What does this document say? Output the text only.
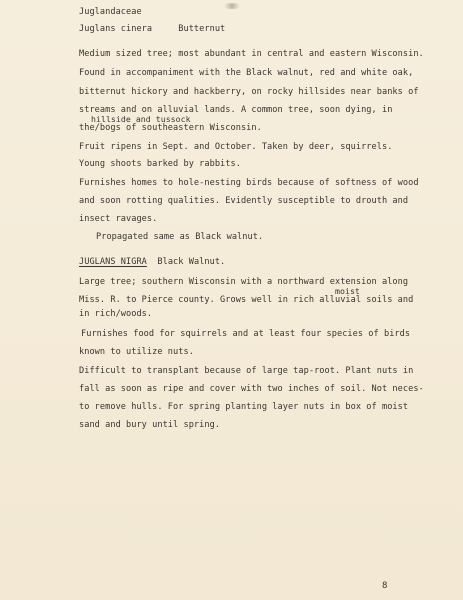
Juglandaceae
Juglans cinera	Butternut
Medium sized tree; most abundant in central and eastern Wisconsin.
Found in accompaniment with the Black walnut, red and white oak,
bitternut hickory and hackberry, on rocky hillsides near banks of
streams and on alluvial lands. A common tree, soon dying, in
hillside and tussock
the/bogs of southeastern Wisconsin.
Fruit ripens in Sept. and October. Taken by deer, squirrels.
Young shoots barked by rabbits.
Furnishes homes to hole-nesting birds because of softness of wood
and soon rotting qualities. Evidently susceptible to drouth and
insect ravages.
Propagated same as Black walnut.
JUGLANS NIGRA Black Walnut.
Large tree; southern Wisconsin with a northward extension along
moist
Miss. R. to Pierce county. Grows well in rich alluvial soils and
in rich/woods.
Furnishes food for squirrels and at least four species of birds
known to utilize nuts.
Difficult to transplant because of large tap-root. Plant nuts in
fall as soon as ripe and cover with two inches of soil. Not neces-
to remove hulls. For spring planting layer nuts in box of moist
sand and bury until spring.
8
